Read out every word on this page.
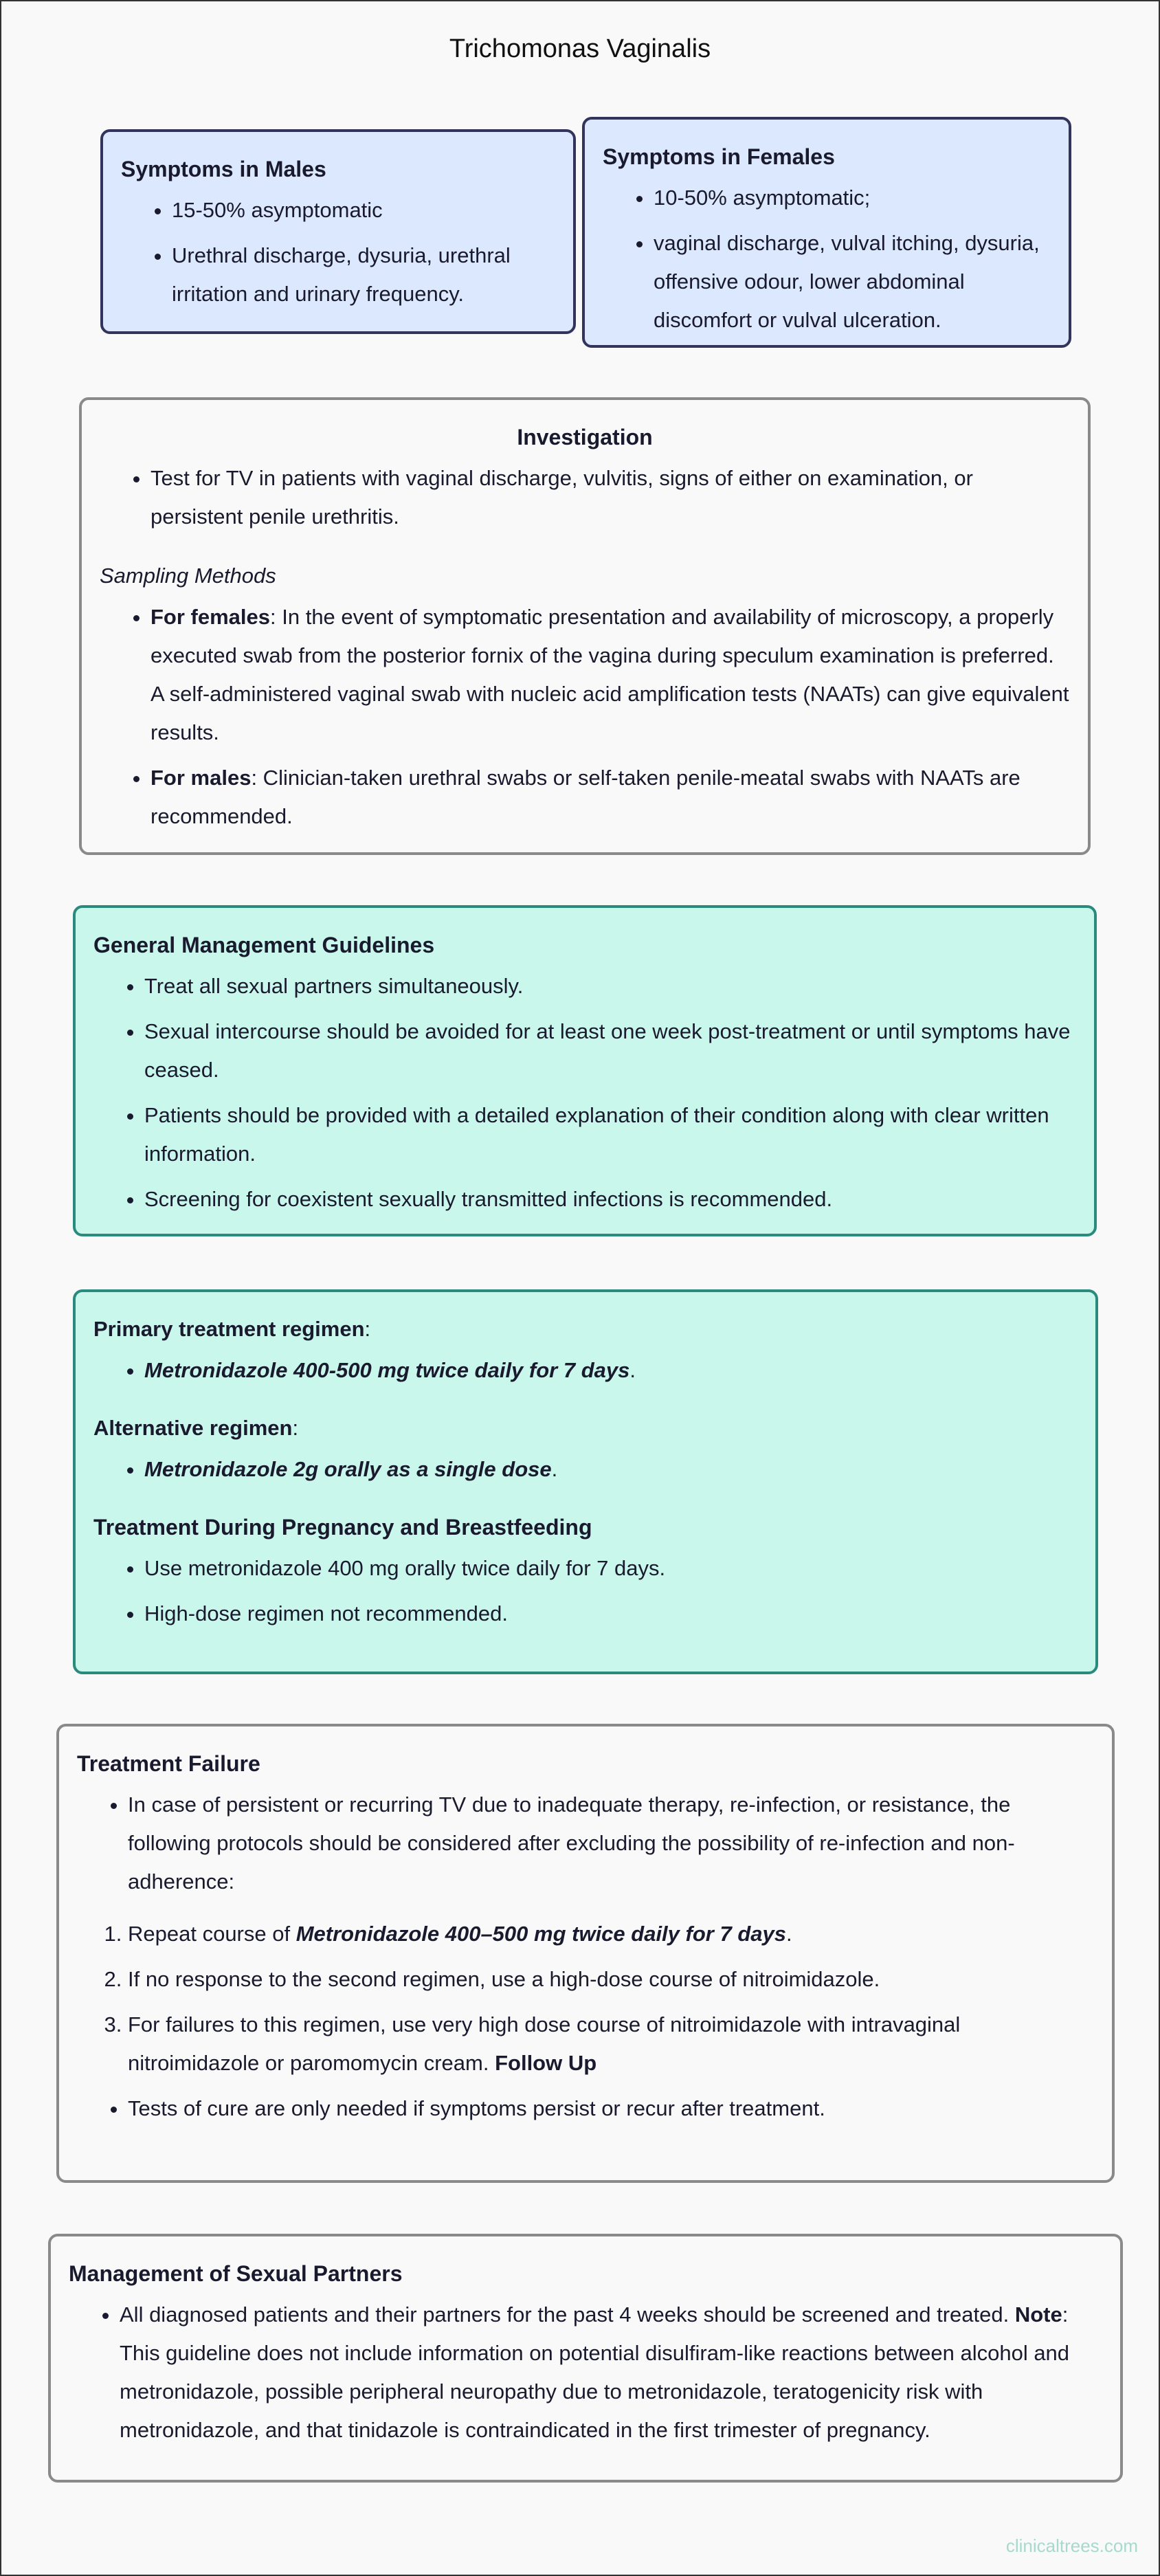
Trichomonas Vaginalis
Symptoms in Males
• 15-50% asymptomatic
• Urethral discharge, dysuria, urethral irritation and urinary frequency.
Symptoms in Females
• 10-50% asymptomatic;
• vaginal discharge, vulval itching, dysuria, offensive odour, lower abdominal discomfort or vulval ulceration.
Investigation
• Test for TV in patients with vaginal discharge, vulvitis, signs of either on examination, or persistent penile urethritis.

Sampling Methods

• For females: In the event of symptomatic presentation and availability of microscopy, a properly executed swab from the posterior fornix of the vagina during speculum examination is preferred. A self-administered vaginal swab with nucleic acid amplification tests (NAATs) can give equivalent results.
• For males: Clinician-taken urethral swabs or self-taken penile-meatal swabs with NAATs are recommended.
General Management Guidelines
• Treat all sexual partners simultaneously.
• Sexual intercourse should be avoided for at least one week post-treatment or until symptoms have ceased.
• Patients should be provided with a detailed explanation of their condition along with clear written information.
• Screening for coexistent sexually transmitted infections is recommended.

Primary treatment regimen:

• Metronidazole 400-500 mg twice daily for 7 days.

Alternative regimen:

• Metronidazole 2g orally as a single dose.
Treatment During Pregnancy and Breastfeeding
• Use metronidazole 400 mg orally twice daily for 7 days.
• High-dose regimen not recommended.
Treatment Failure
• In case of persistent or recurring TV due to inadequate therapy, re-infection, or resistance, the following protocols should be considered after excluding the possibility of re-infection and non-adherence:
1. Repeat course of Metronidazole 400–500 mg twice daily for 7 days.
2. If no response to the second regimen, use a high-dose course of nitroimidazole.
3. For failures to this regimen, use very high dose course of nitroimidazole with intravaginal nitroimidazole or paromomycin cream. Follow Up
• Tests of cure are only needed if symptoms persist or recur after treatment.
Management of Sexual Partners
• All diagnosed patients and their partners for the past 4 weeks should be screened and treated. Note: This guideline does not include information on potential disulfiram-like reactions between alcohol and metronidazole, possible peripheral neuropathy due to metronidazole, teratogenicity risk with metronidazole, and that tinidazole is contraindicated in the first trimester of pregnancy.
clinicaltrees.com
